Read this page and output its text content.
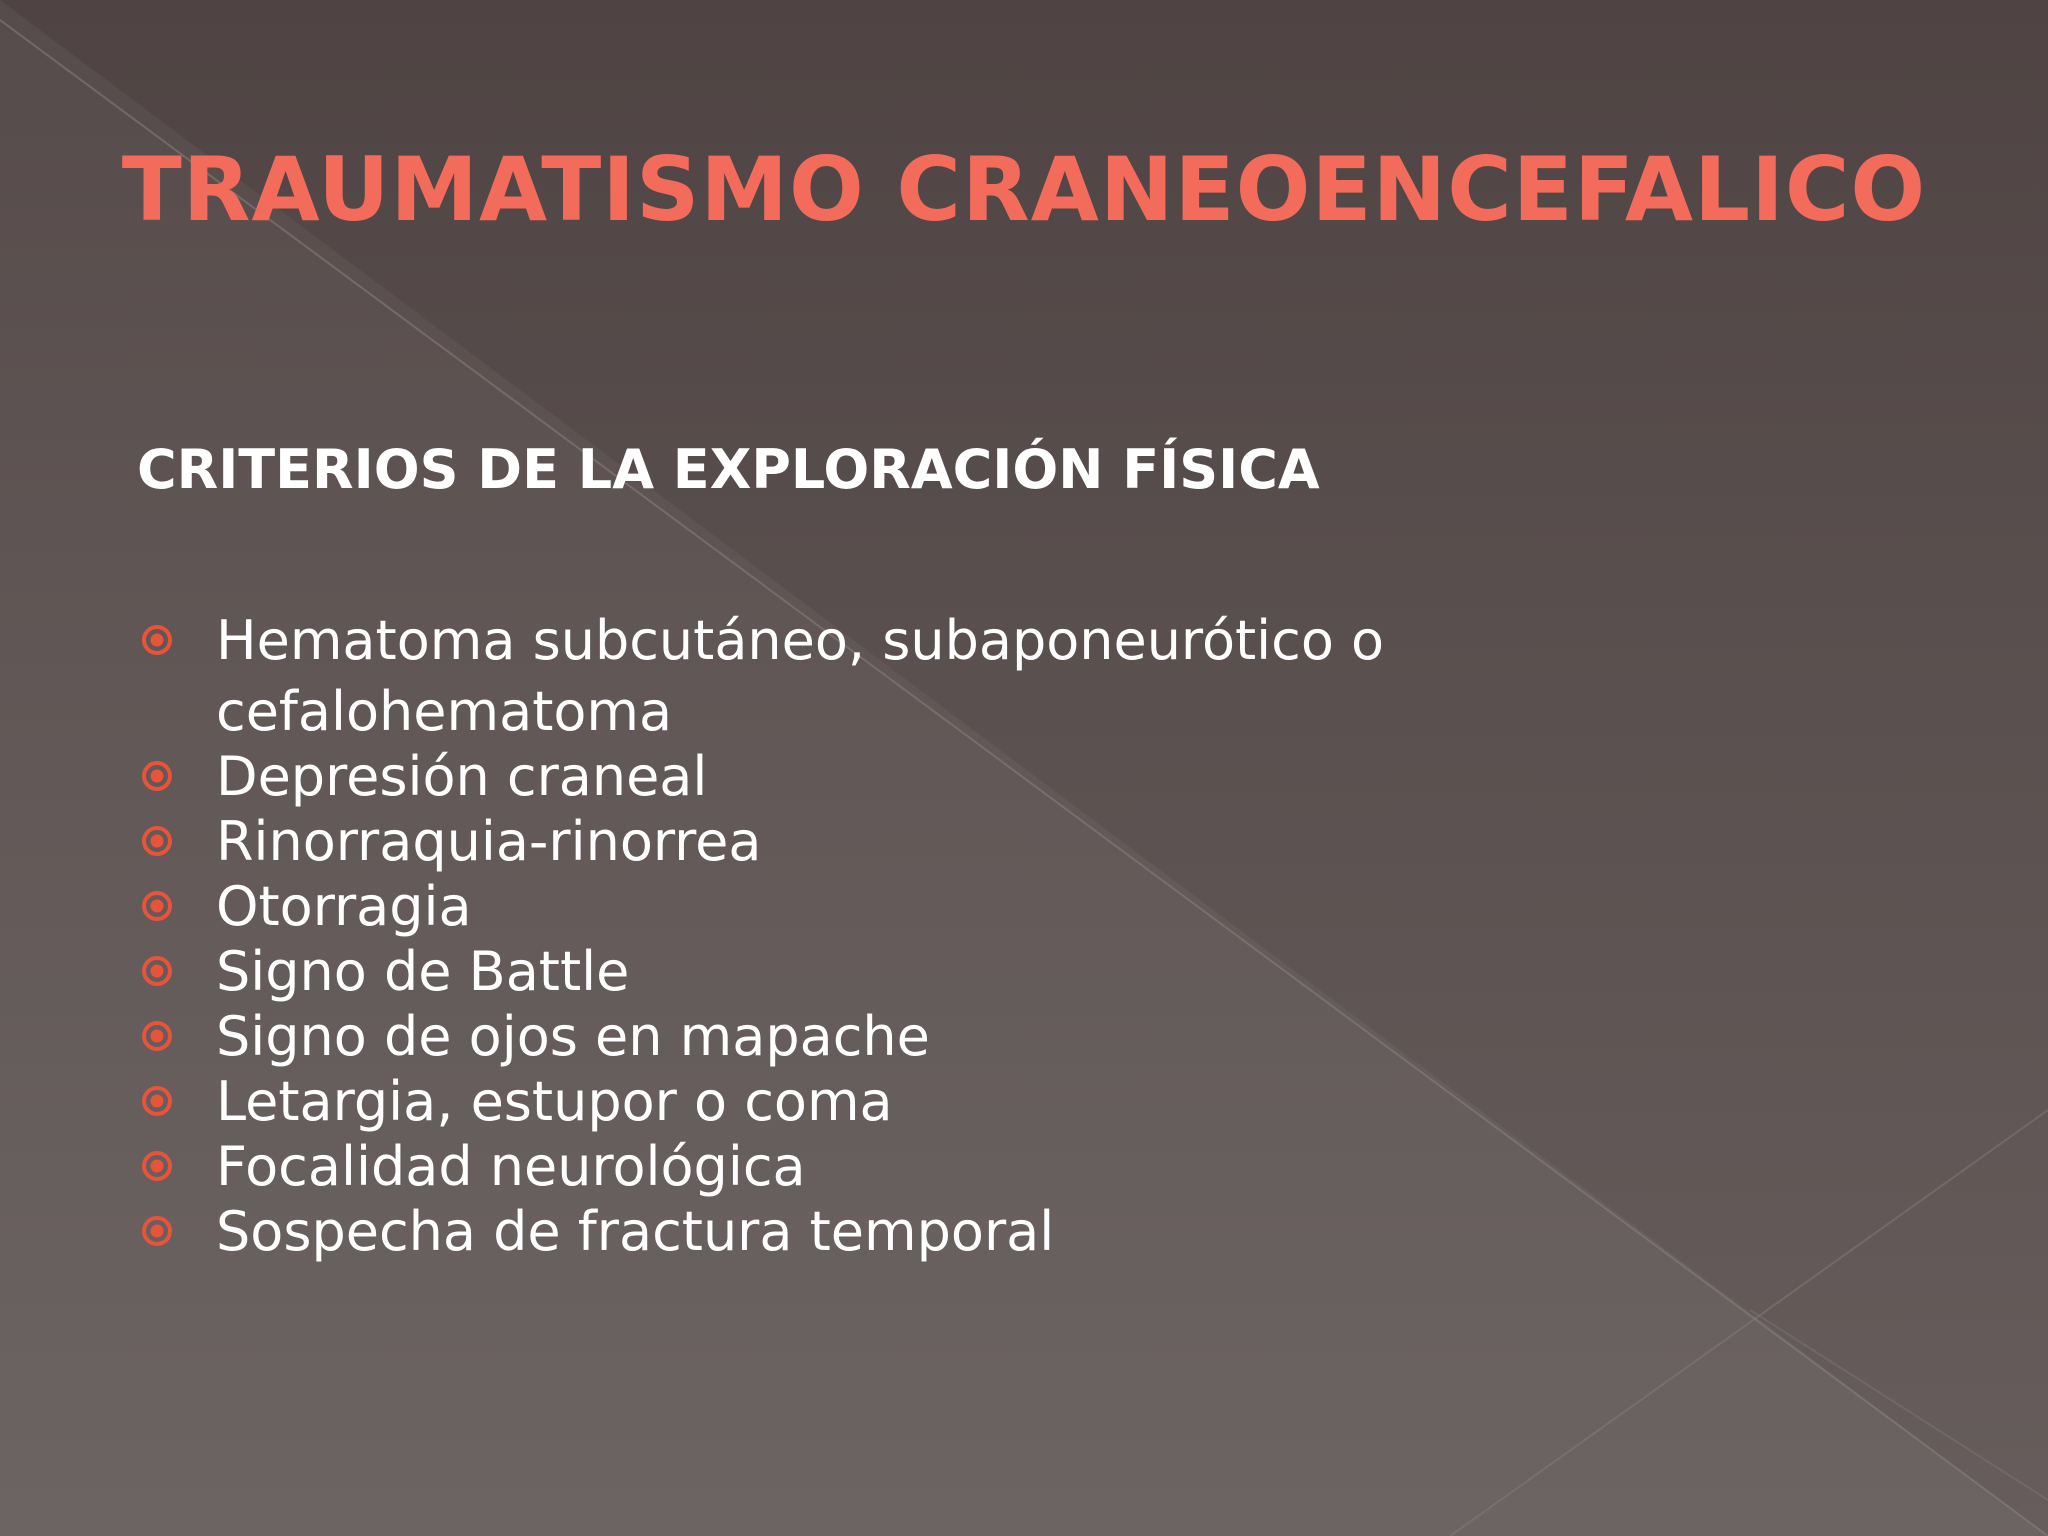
TRAUMATISMO CRANEOENCEFALICO
CRITERIOS DE LA EXPLORACIÓN FÍSICA
Hematoma subcutáneo, subaponeurótico o cefalohematoma
Depresión craneal
Rinorraquia-rinorrea
Otorragia
Signo de Battle
Signo de ojos en mapache
Letargia, estupor o coma
Focalidad neurológica
Sospecha de fractura temporal
